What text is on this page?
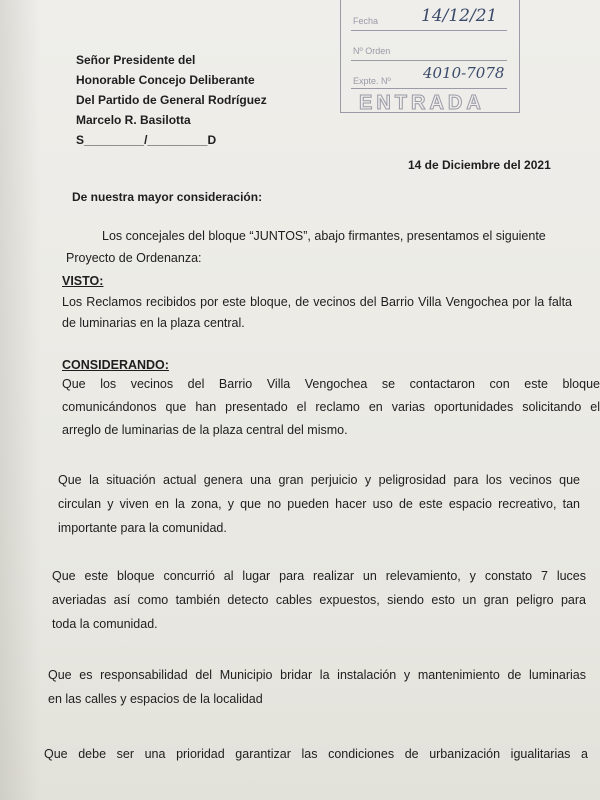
Señor Presidente del
Honorable Concejo Deliberante
Del Partido de General Rodríguez
Marcelo R. Basilotta
S_________/_________D
Fecha	14/12/21
Nº Orden
Expte. Nº 4010-7078
ENTRADA
14 de Diciembre del 2021
De nuestra mayor consideración:
Los concejales del bloque “JUNTOS”, abajo firmantes, presentamos el siguiente
Proyecto de Ordenanza:
VISTO:
Los Reclamos recibidos por este bloque, de vecinos del Barrio Villa Vengochea por la falta
de luminarias en la plaza central.
CONSIDERANDO:
Que los vecinos del Barrio Villa Vengochea se contactaron con este bloque
comunicándonos que han presentado el reclamo en varias oportunidades solicitando el
arreglo de luminarias de la plaza central del mismo.
Que la situación actual genera una gran perjuicio y peligrosidad para los vecinos que
circulan y viven en la zona, y que no pueden hacer uso de este espacio recreativo, tan
importante para la comunidad.
Que este bloque concurrió al lugar para realizar un relevamiento, y constato 7 luces
averiadas así como también detecto cables expuestos, siendo esto un gran peligro para
toda la comunidad.
Que es responsabilidad del Municipio bridar la instalación y mantenimiento de luminarias
en las calles y espacios de la localidad
Que debe ser una prioridad garantizar las condiciones de urbanización igualitarias a
